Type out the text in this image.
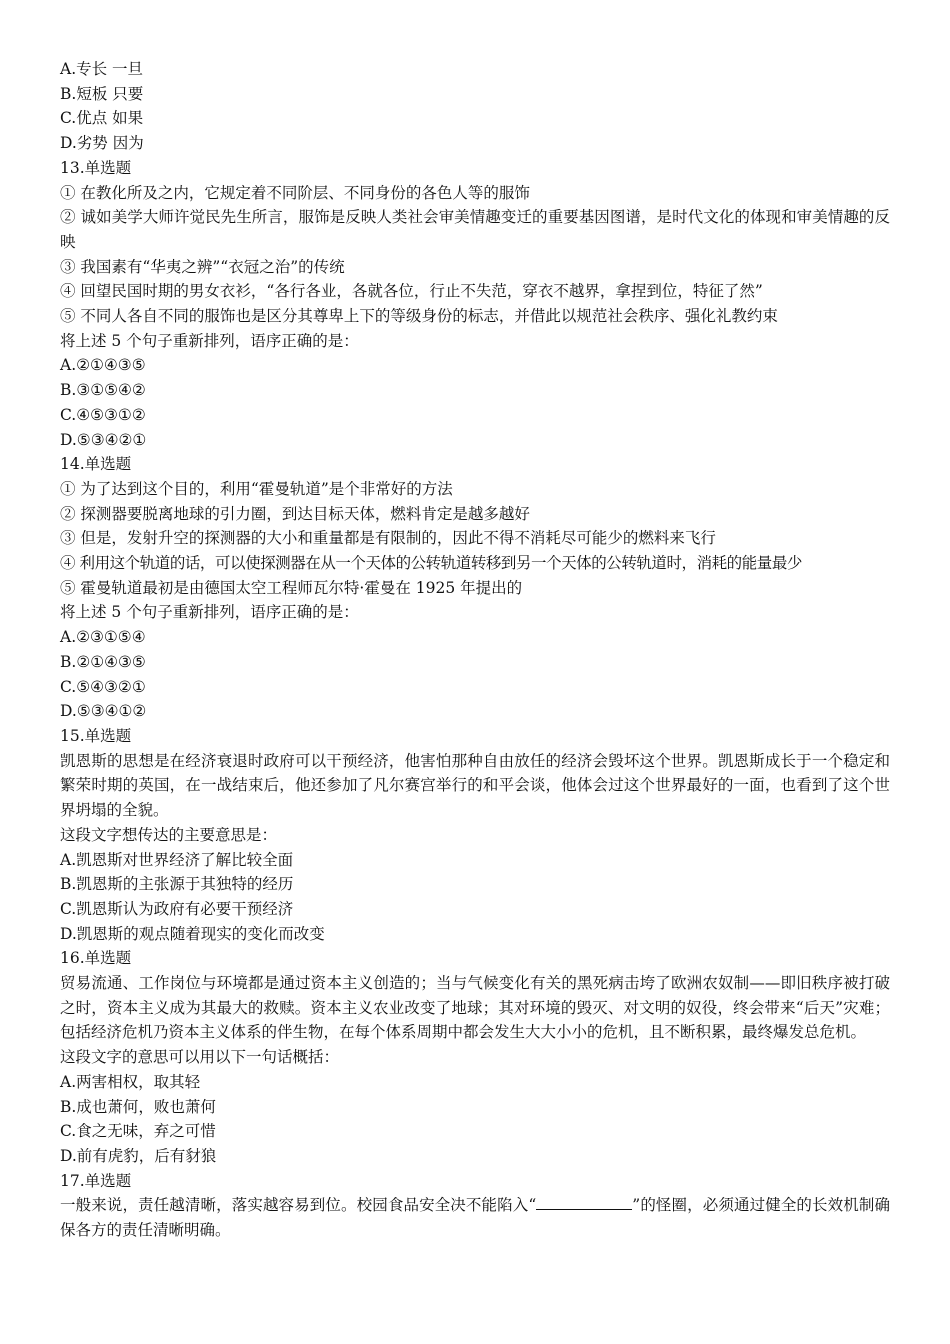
A.专长 一旦
B.短板 只要
C.优点 如果
D.劣势 因为
13.单选题
① 在教化所及之内，它规定着不同阶层、不同身份的各色人等的服饰
② 诚如美学大师许觉民先生所言，服饰是反映人类社会审美情趣变迁的重要基因图谱，是时代文化的体现和审美情趣的反映
③ 我国素有“华夷之辨”“衣冠之治”的传统
④ 回望民国时期的男女衣衫，“各行各业，各就各位，行止不失范，穿衣不越界，拿捏到位，特征了然”
⑤ 不同人各自不同的服饰也是区分其尊卑上下的等级身份的标志，并借此以规范社会秩序、强化礼教约束
将上述 5 个句子重新排列，语序正确的是：
A.②①④③⑤
B.③①⑤④②
C.④⑤③①②
D.⑤③④②①
14.单选题
① 为了达到这个目的，利用“霍曼轨道”是个非常好的方法
② 探测器要脱离地球的引力圈，到达目标天体，燃料肯定是越多越好
③ 但是，发射升空的探测器的大小和重量都是有限制的，因此不得不消耗尽可能少的燃料来飞行
④ 利用这个轨道的话，可以使探测器在从一个天体的公转轨道转移到另一个天体的公转轨道时，消耗的能量最少
⑤ 霍曼轨道最初是由德国太空工程师瓦尔特·霍曼在 1925 年提出的
将上述 5 个句子重新排列，语序正确的是：
A.②③①⑤④
B.②①④③⑤
C.⑤④③②①
D.⑤③④①②
15.单选题
凯恩斯的思想是在经济衰退时政府可以干预经济，他害怕那种自由放任的经济会毁坏这个世界。凯恩斯成长于一个稳定和繁荣时期的英国，在一战结束后，他还参加了凡尔赛宫举行的和平会谈，他体会过这个世界最好的一面，也看到了这个世界坍塌的全貌。
这段文字想传达的主要意思是：
A.凯恩斯对世界经济了解比较全面
B.凯恩斯的主张源于其独特的经历
C.凯恩斯认为政府有必要干预经济
D.凯恩斯的观点随着现实的变化而改变
16.单选题
贸易流通、工作岗位与环境都是通过资本主义创造的；当与气候变化有关的黑死病击垮了欧洲农奴制——即旧秩序被打破之时，资本主义成为其最大的救赎。资本主义农业改变了地球；其对环境的毁灭、对文明的奴役，终会带来“后天”灾难；包括经济危机乃资本主义体系的伴生物，在每个体系周期中都会发生大大小小的危机，且不断积累，最终爆发总危机。
这段文字的意思可以用以下一句话概括：
A.两害相权，取其轻
B.成也萧何，败也萧何
C.食之无味，弃之可惜
D.前有虎豹，后有豺狼
17.单选题
一般来说，责任越清晰，落实越容易到位。校园食品安全决不能陷入“	”的怪圈，必须通过健全的长效机制确保各方的责任清晰明确。
